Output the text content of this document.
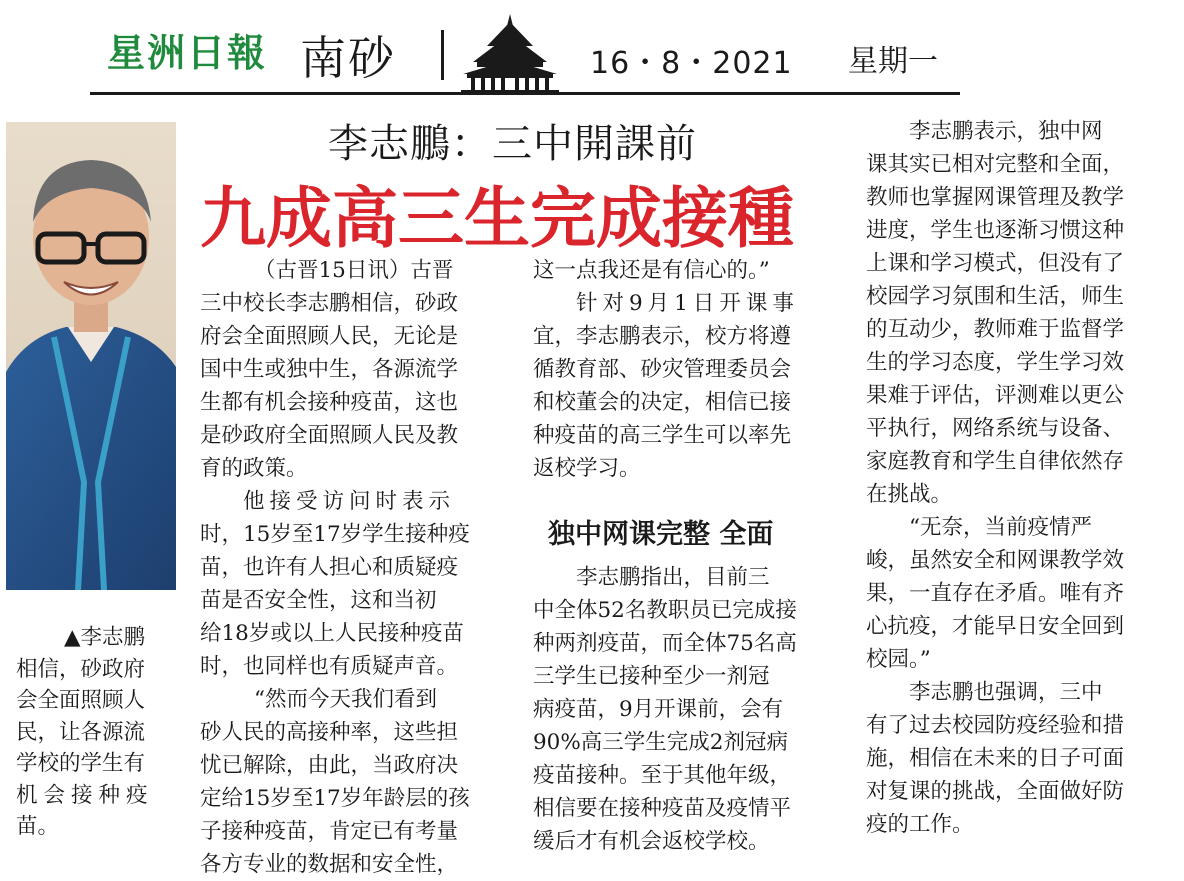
星洲日報 南砂	16・8・2021 星期一

▲李志鹏

相信，砂政府

会全面照顾人

民，让各源流

学校的学生有

机会接种疫

苗。

李志鵬：三中開課前
九成高三生完成接種

（古晋15日讯）古晋

三中校长李志鹏相信，砂政

府会全面照顾人民，无论是

国中生或独中生，各源流学

生都有机会接种疫苗，这也

是砂政府全面照顾人民及教

育的政策。

他接受访问时表示

时，15岁至17岁学生接种疫

苗，也许有人担心和质疑疫

苗是否安全性，这和当初

给18岁或以上人民接种疫苗

时，也同样也有质疑声音。

“然而今天我们看到

砂人民的高接种率，这些担

忧已解除，由此，当政府决

定给15岁至17岁年龄层的孩

子接种疫苗，肯定已有考量

各方专业的数据和安全性，

这一点我还是有信心的。”

针对9月1日开课事

宜，李志鹏表示，校方将遵

循教育部、砂灾管理委员会

和校董会的决定，相信已接

种疫苗的高三学生可以率先

返校学习。

独中网课完整 全面

李志鹏指出，目前三

中全体52名教职员已完成接

种两剂疫苗，而全体75名高

三学生已接种至少一剂冠

病疫苗，9月开课前，会有

90%高三学生完成2剂冠病

疫苗接种。至于其他年级，

相信要在接种疫苗及疫情平

缓后才有机会返校学校。

李志鹏表示，独中网

课其实已相对完整和全面，

教师也掌握网课管理及教学

进度，学生也逐渐习惯这种

上课和学习模式，但没有了

校园学习氛围和生活，师生

的互动少，教师难于监督学

生的学习态度，学生学习效

果难于评估，评测难以更公

平执行，网络系统与设备、

家庭教育和学生自律依然存

在挑战。

“无奈，当前疫情严

峻，虽然安全和网课教学效

果，一直存在矛盾。唯有齐

心抗疫，才能早日安全回到

校园。”

李志鹏也强调，三中

有了过去校园防疫经验和措

施，相信在未来的日子可面

对复课的挑战，全面做好防

疫的工作。
